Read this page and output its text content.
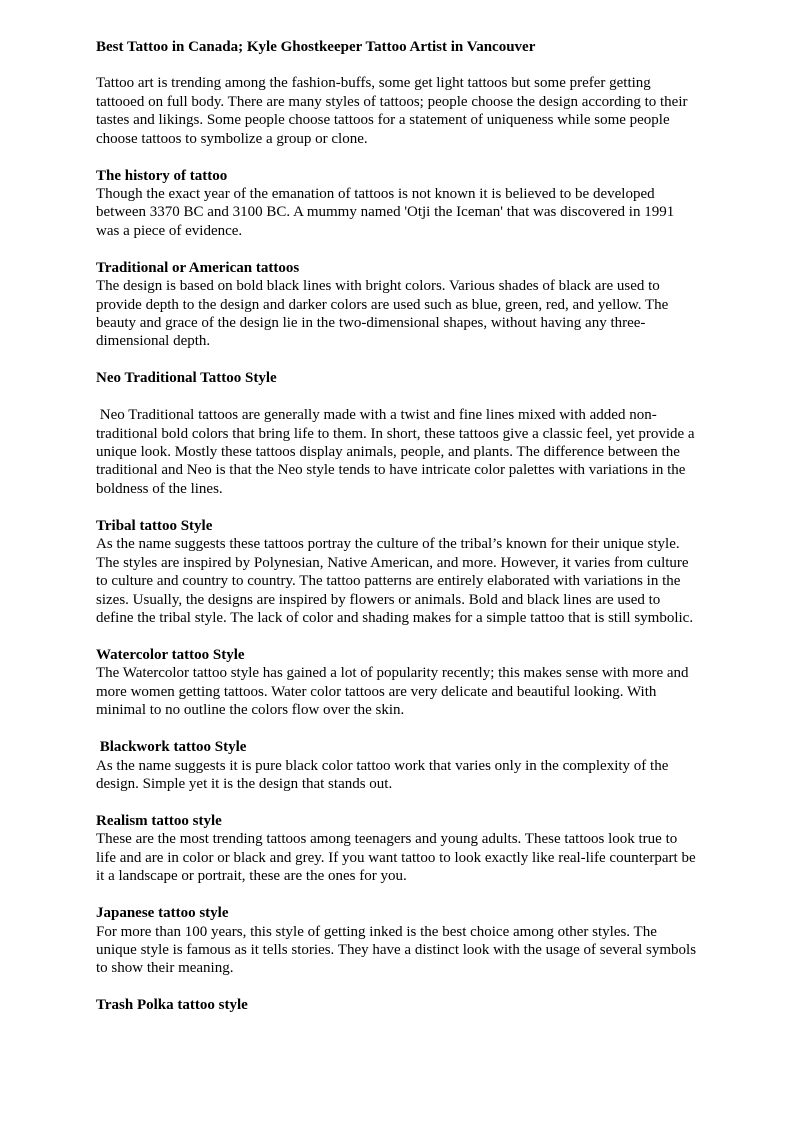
Best Tattoo in Canada; Kyle Ghostkeeper Tattoo Artist in Vancouver

Tattoo art is trending among the fashion-buffs, some get light tattoos but some prefer getting tattooed on full body. There are many styles of tattoos; people choose the design according to their tastes and likings. Some people choose tattoos for a statement of uniqueness while some people choose tattoos to symbolize a group or clone.

The history of tattoo

Though the exact year of the emanation of tattoos is not known it is believed to be developed between 3370 BC and 3100 BC. A mummy named 'Otji the Iceman' that was discovered in 1991 was a piece of evidence.

Traditional or American tattoos

The design is based on bold black lines with bright colors. Various shades of black are used to provide depth to the design and darker colors are used such as blue, green, red, and yellow. The beauty and grace of the design lie in the two-dimensional shapes, without having any three-dimensional depth.

Neo Traditional Tattoo Style

Neo Traditional tattoos are generally made with a twist and fine lines mixed with added non-traditional bold colors that bring life to them. In short, these tattoos give a classic feel, yet provide a unique look. Mostly these tattoos display animals, people, and plants. The difference between the traditional and Neo is that the Neo style tends to have intricate color palettes with variations in the boldness of the lines.

Tribal tattoo Style

As the name suggests these tattoos portray the culture of the tribal’s known for their unique style. The styles are inspired by Polynesian, Native American, and more. However, it varies from culture to culture and country to country. The tattoo patterns are entirely elaborated with variations in the sizes. Usually, the designs are inspired by flowers or animals. Bold and black lines are used to define the tribal style. The lack of color and shading makes for a simple tattoo that is still symbolic.

Watercolor tattoo Style

The Watercolor tattoo style has gained a lot of popularity recently; this makes sense with more and more women getting tattoos. Water color tattoos are very delicate and beautiful looking. With minimal to no outline the colors flow over the skin.

Blackwork tattoo Style

As the name suggests it is pure black color tattoo work that varies only in the complexity of the design. Simple yet it is the design that stands out.

Realism tattoo style

These are the most trending tattoos among teenagers and young adults. These tattoos look true to life and are in color or black and grey. If you want tattoo to look exactly like real-life counterpart be it a landscape or portrait, these are the ones for you.

Japanese tattoo style

For more than 100 years, this style of getting inked is the best choice among other styles. The unique style is famous as it tells stories. They have a distinct look with the usage of several symbols to show their meaning.

Trash Polka tattoo style
